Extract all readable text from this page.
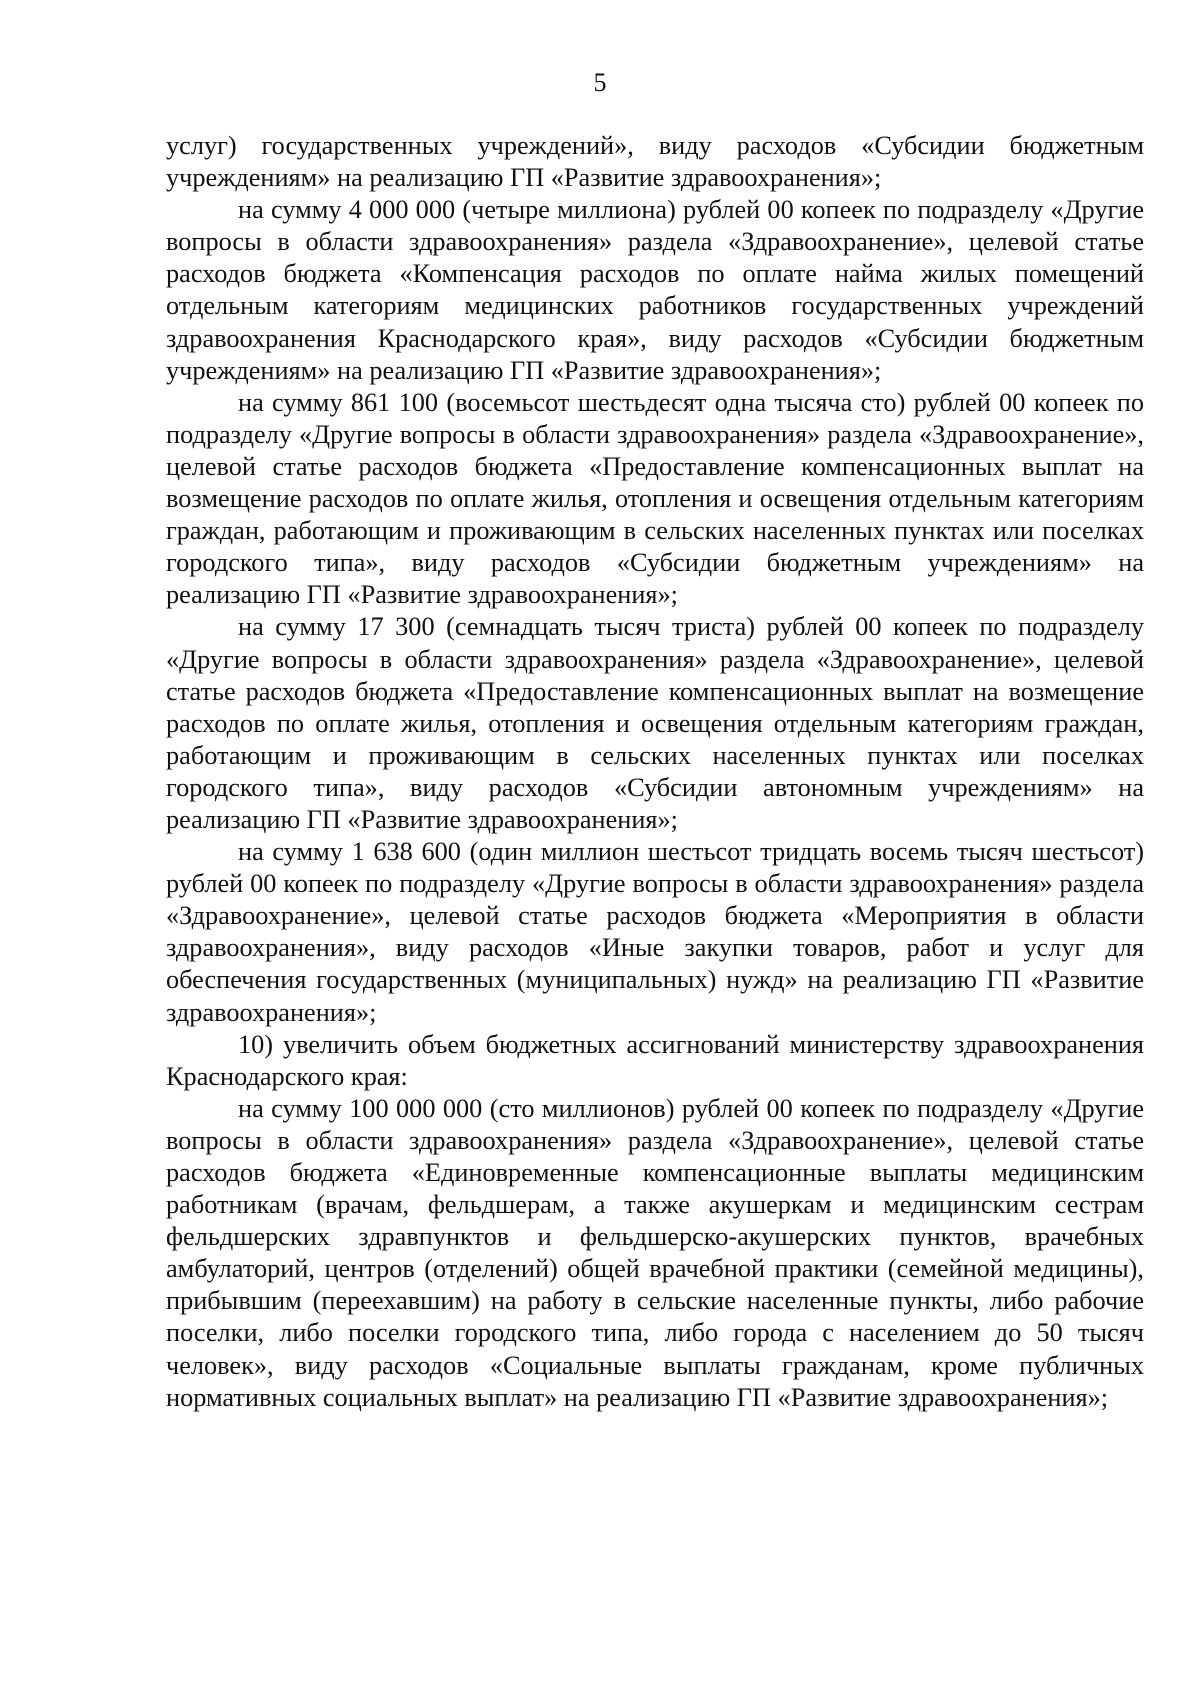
5

услуг) государственных учреждений», виду расходов «Субсидии бюджетным учреждениям» на реализацию ГП «Развитие здравоохранения»;

на сумму 4 000 000 (четыре миллиона) рублей 00 копеек по подразделу «Другие вопросы в области здравоохранения» раздела «Здравоохранение», целевой статье расходов бюджета «Компенсация расходов по оплате найма жилых помещений отдельным категориям медицинских работников государственных учреждений здравоохранения Краснодарского края», виду расходов «Субсидии бюджетным учреждениям» на реализацию ГП «Развитие здравоохранения»;

на сумму 861 100 (восемьсот шестьдесят одна тысяча сто) рублей 00 копеек по подразделу «Другие вопросы в области здравоохранения» раздела «Здравоохранение», целевой статье расходов бюджета «Предоставление компенсационных выплат на возмещение расходов по оплате жилья, отопления и освещения отдельным категориям граждан, работающим и проживающим в сельских населенных пунктах или поселках городского типа», виду расходов «Субсидии бюджетным учреждениям» на реализацию ГП «Развитие здравоохранения»;

на сумму 17 300 (семнадцать тысяч триста) рублей 00 копеек по подразделу «Другие вопросы в области здравоохранения» раздела «Здравоохранение», целевой статье расходов бюджета «Предоставление компенсационных выплат на возмещение расходов по оплате жилья, отопления и освещения отдельным категориям граждан, работающим и проживающим в сельских населенных пунктах или поселках городского типа», виду расходов «Субсидии автономным учреждениям» на реализацию ГП «Развитие здравоохранения»;

на сумму 1 638 600 (один миллион шестьсот тридцать восемь тысяч шестьсот) рублей 00 копеек по подразделу «Другие вопросы в области здравоохранения» раздела «Здравоохранение», целевой статье расходов бюджета «Мероприятия в области здравоохранения», виду расходов «Иные закупки товаров, работ и услуг для обеспечения государственных (муниципальных) нужд» на реализацию ГП «Развитие здравоохранения»;

10) увеличить объем бюджетных ассигнований министерству здравоохранения Краснодарского края:

на сумму 100 000 000 (сто миллионов) рублей 00 копеек по подразделу «Другие вопросы в области здравоохранения» раздела «Здравоохранение», целевой статье расходов бюджета «Единовременные компенсационные выплаты медицинским работникам (врачам, фельдшерам, а также акушеркам и медицинским сестрам фельдшерских здравпунктов и фельдшерско-акушерских пунктов, врачебных амбулаторий, центров (отделений) общей врачебной практики (семейной медицины), прибывшим (переехавшим) на работу в сельские населенные пункты, либо рабочие поселки, либо поселки городского типа, либо города с населением до 50 тысяч человек», виду расходов «Социальные выплаты гражданам, кроме публичных нормативных социальных выплат» на реализацию ГП «Развитие здравоохранения»;
